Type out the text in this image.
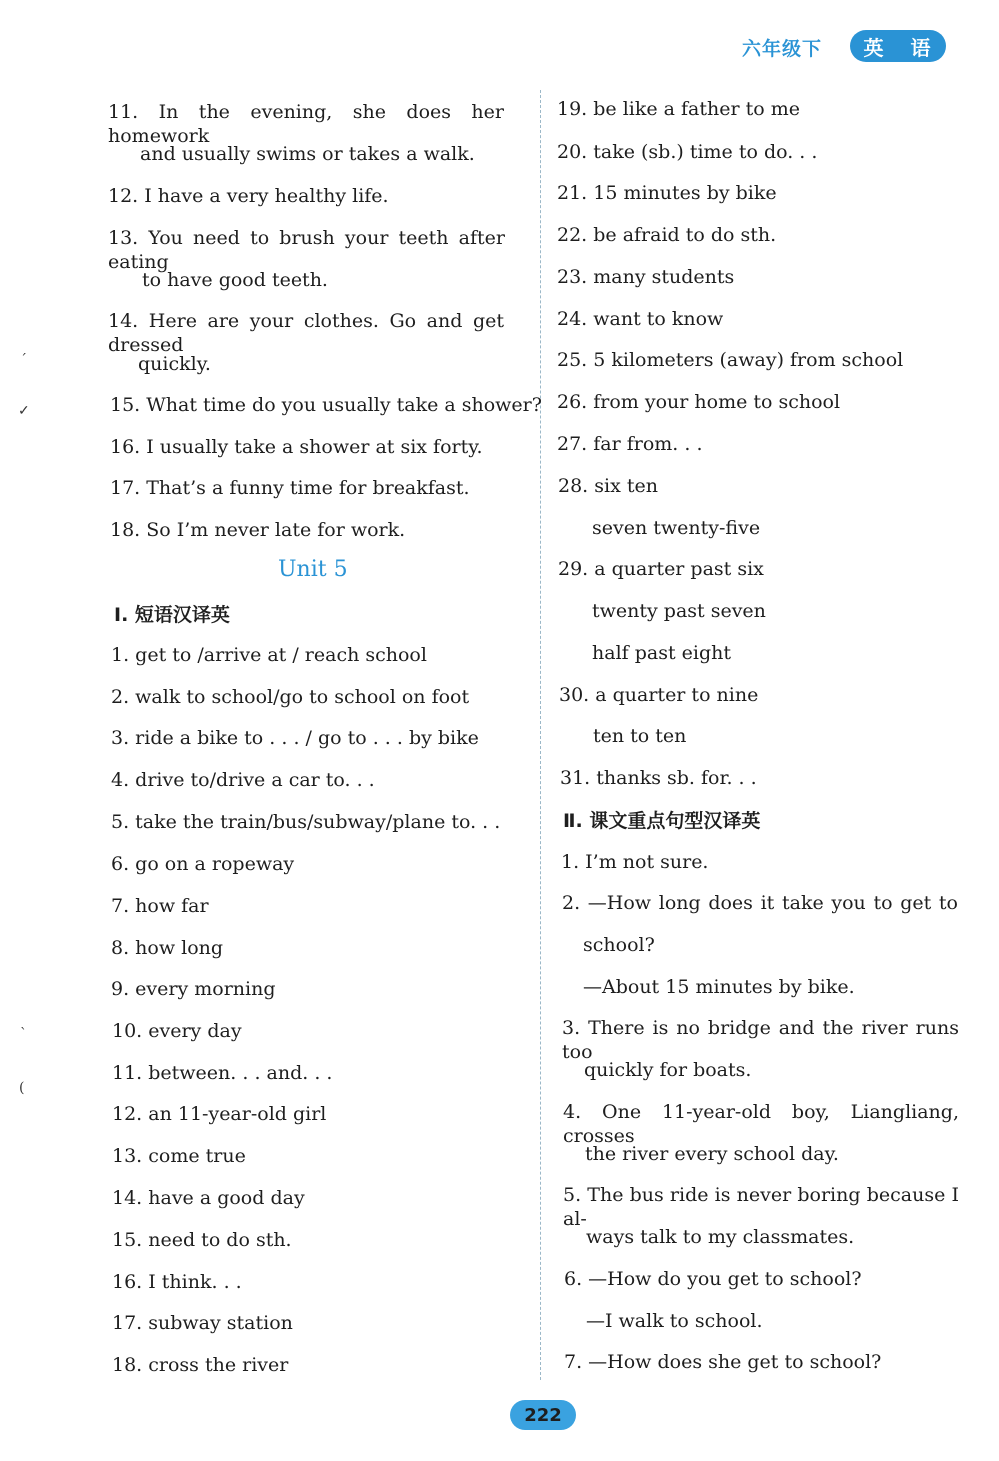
六年级下	英 语
11. In the evening, she does her homework
and usually swims or takes a walk.
12. I have a very healthy life.
13. You need to brush your teeth after eating
to have good teeth.
14. Here are your clothes. Go and get dressed
quickly.
15. What time do you usually take a shower?
16. I usually take a shower at six forty.
17. That’s a funny time for breakfast.
18. So I’m never late for work.
1. get to /arrive at / reach school
2. walk to school/go to school on foot
3. ride a bike to . . . / go to . . . by bike
4. drive to/drive a car to. . .
5. take the train/bus/subway/plane to. . .
6. go on a ropeway
7. how far
8. how long
9. every morning
10. every day
11. between. . . and. . .
12. an 11-year-old girl
13. come true
14. have a good day
15. need to do sth.
16. I think. . .
17. subway station
18. cross the river
Unit 5
Ⅰ. 短语汉译英
19. be like a father to me
20. take (sb.) time to do. . .
21. 15 minutes by bike
22. be afraid to do sth.
23. many students
24. want to know
25. 5 kilometers (away) from school
26. from your home to school
27. far from. . .
28. six ten
seven twenty-five
29. a quarter past six
twenty past seven
half past eight
30. a quarter to nine
ten to ten
31. thanks sb. for. . .
1. I’m not sure.
2. —How long does it take you to get to
school?
—About 15 minutes by bike.
3. There is no bridge and the river runs too
quickly for boats.
4. One 11-year-old boy, Liangliang, crosses
the river every school day.
5. The bus ride is never boring because I al-
ways talk to my classmates.
6. —How do you get to school?
—I walk to school.
7. —How does she get to school?
Ⅱ. 课文重点句型汉译英
222
ˊ
✓
ˋ
(
